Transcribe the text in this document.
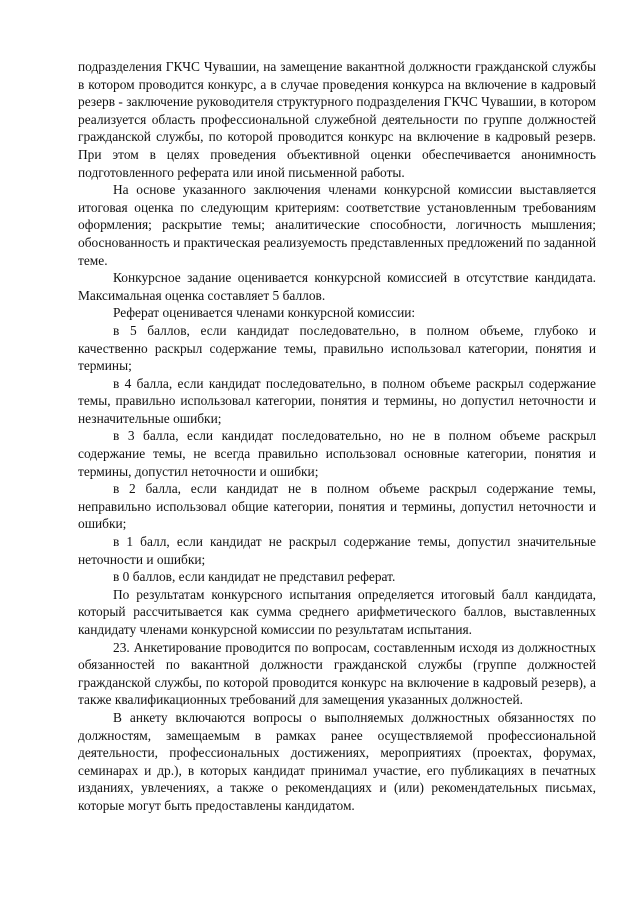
подразделения ГКЧС Чувашии, на замещение вакантной должности гражданской службы в котором проводится конкурс, а в случае проведения конкурса на включение в кадровый резерв - заключение руководителя структурного подразделения ГКЧС Чувашии, в котором реализуется область профессиональной служебной деятельности по группе должностей гражданской службы, по которой проводится конкурс на включение в кадровый резерв. При этом в целях проведения объективной оценки обеспечивается анонимность подготовленного реферата или иной письменной работы.

На основе указанного заключения членами конкурсной комиссии выставляется итоговая оценка по следующим критериям: соответствие установленным требованиям оформления; раскрытие темы; аналитические способности, логичность мышления; обоснованность и практическая реализуемость представленных предложений по заданной теме.

Конкурсное задание оценивается конкурсной комиссией в отсутствие кандидата. Максимальная оценка составляет 5 баллов.

Реферат оценивается членами конкурсной комиссии:

в 5 баллов, если кандидат последовательно, в полном объеме, глубоко и качественно раскрыл содержание темы, правильно использовал категории, понятия и термины;

в 4 балла, если кандидат последовательно, в полном объеме раскрыл содержание темы, правильно использовал категории, понятия и термины, но допустил неточности и незначительные ошибки;

в 3 балла, если кандидат последовательно, но не в полном объеме раскрыл содержание темы, не всегда правильно использовал основные категории, понятия и термины, допустил неточности и ошибки;

в 2 балла, если кандидат не в полном объеме раскрыл содержание темы, неправильно использовал общие категории, понятия и термины, допустил неточности и ошибки;

в 1 балл, если кандидат не раскрыл содержание темы, допустил значительные неточности и ошибки;

в 0 баллов, если кандидат не представил реферат.

По результатам конкурсного испытания определяется итоговый балл кандидата, который рассчитывается как сумма среднего арифметического баллов, выставленных кандидату членами конкурсной комиссии по результатам испытания.

23. Анкетирование проводится по вопросам, составленным исходя из должностных обязанностей по вакантной должности гражданской службы (группе должностей гражданской службы, по которой проводится конкурс на включение в кадровый резерв), а также квалификационных требований для замещения указанных должностей.

В анкету включаются вопросы о выполняемых должностных обязанностях по должностям, замещаемым в рамках ранее осуществляемой профессиональной деятельности, профессиональных достижениях, мероприятиях (проектах, форумах, семинарах и др.), в которых кандидат принимал участие, его публикациях в печатных изданиях, увлечениях, а также о рекомендациях и (или) рекомендательных письмах, которые могут быть предоставлены кандидатом.
